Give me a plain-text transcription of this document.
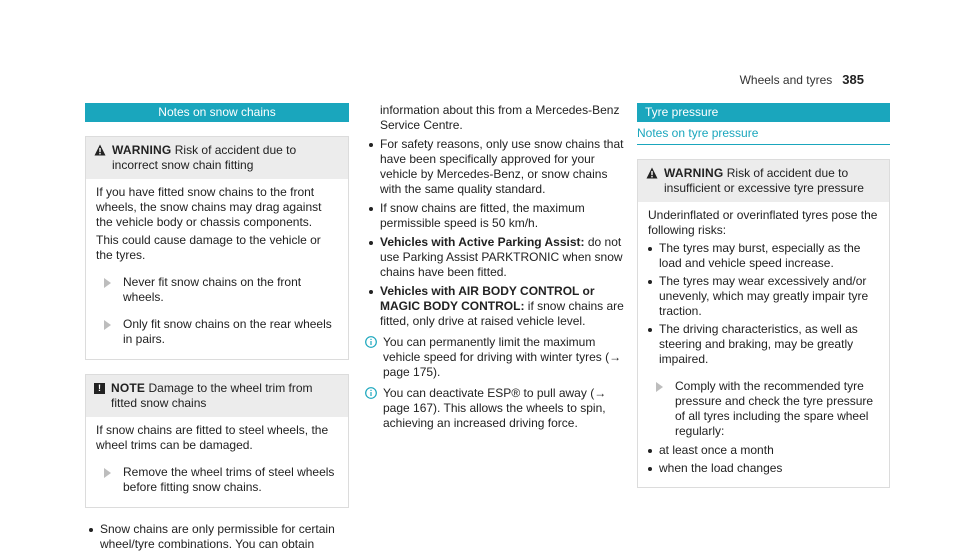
Wheels and tyres 385
Notes on snow chains
WARNING Risk of accident due to incorrect snow chain fitting

If you have fitted snow chains to the front wheels, the snow chains may drag against the vehicle body or chassis components.

This could cause damage to the vehicle or the tyres.

Never fit snow chains on the front wheels.
Only fit snow chains on the rear wheels in pairs.
! NOTE Damage to the wheel trim from fitted snow chains

If snow chains are fitted to steel wheels, the wheel trims can be damaged.

Remove the wheel trims of steel wheels before fitting snow chains.
Snow chains are only permissible for certain wheel/tyre combinations. You can obtain

information about this from a Mercedes-Benz Service Centre.

For safety reasons, only use snow chains that have been specifically approved for your vehicle by Mercedes-Benz, or snow chains with the same quality standard.
If snow chains are fitted, the maximum permissible speed is 50 km/h.
Vehicles with Active Parking Assist: do not use Parking Assist PARKTRONIC when snow chains have been fitted.
Vehicles with AIR BODY CONTROL or MAGIC BODY CONTROL: if snow chains are fitted, only drive at raised vehicle level.
You can permanently limit the maximum vehicle speed for driving with winter tyres (→ page 175).
You can deactivate ESP® to pull away (→ page 167). This allows the wheels to spin, achieving an increased driving force.
Tyre pressure
Notes on tyre pressure
WARNING Risk of accident due to insufficient or excessive tyre pressure

Underinflated or overinflated tyres pose the following risks:

The tyres may burst, especially as the load and vehicle speed increase.
The tyres may wear excessively and/or unevenly, which may greatly impair tyre traction.
The driving characteristics, as well as steering and braking, may be greatly impaired.
Comply with the recommended tyre pressure and check the tyre pressure of all tyres including the spare wheel regularly:
at least once a month
when the load changes
